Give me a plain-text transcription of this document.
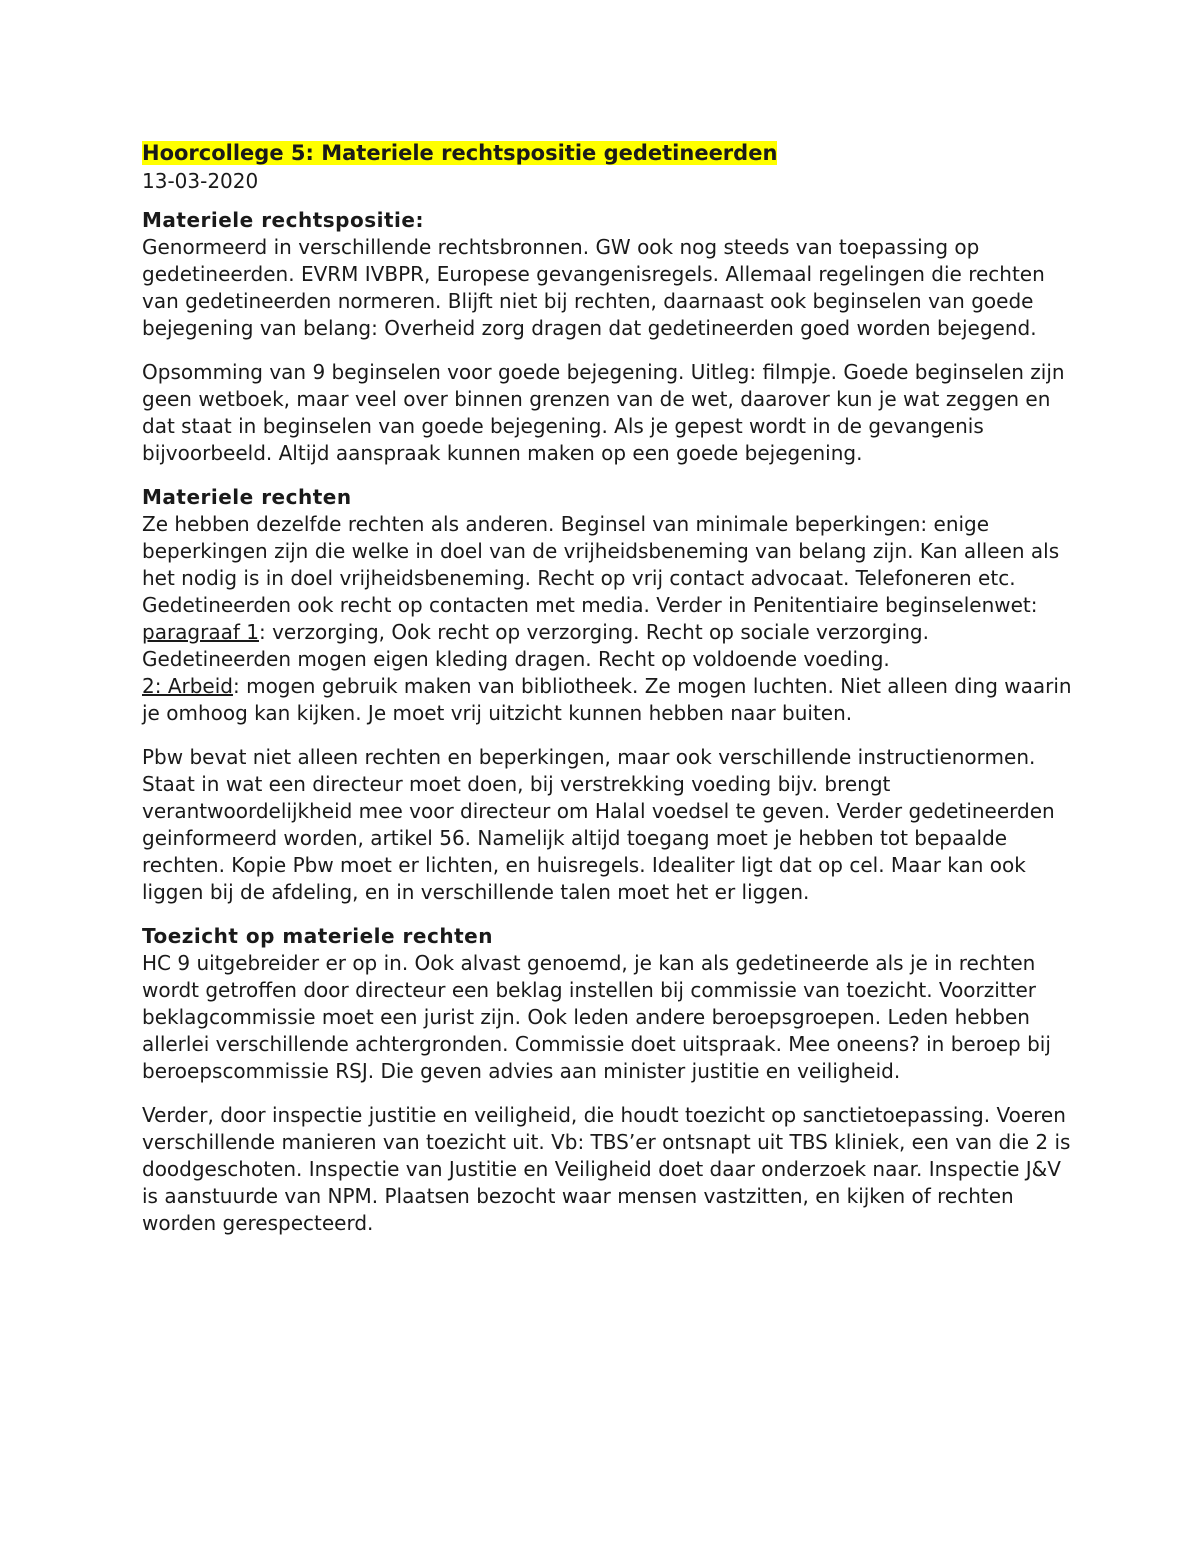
Hoorcollege 5: Materiele rechtspositie gedetineerden
13-03-2020
Materiele rechtspositie:

Genormeerd in verschillende rechtsbronnen. GW ook nog steeds van toepassing op gedetineerden. EVRM IVBPR, Europese gevangenisregels. Allemaal regelingen die rechten van gedetineerden normeren. Blijft niet bij rechten, daarnaast ook beginselen van goede bejegening van belang: Overheid zorg dragen dat gedetineerden goed worden bejegend.

Opsomming van 9 beginselen voor goede bejegening. Uitleg: filmpje. Goede beginselen zijn geen wetboek, maar veel over binnen grenzen van de wet, daarover kun je wat zeggen en dat staat in beginselen van goede bejegening. Als je gepest wordt in de gevangenis bijvoorbeeld. Altijd aanspraak kunnen maken op een goede bejegening.

Materiele rechten

Ze hebben dezelfde rechten als anderen. Beginsel van minimale beperkingen: enige beperkingen zijn die welke in doel van de vrijheidsbeneming van belang zijn. Kan alleen als het nodig is in doel vrijheidsbeneming. Recht op vrij contact advocaat. Telefoneren etc. Gedetineerden ook recht op contacten met media. Verder in Penitentiaire beginselenwet:

paragraaf 1: verzorging, Ook recht op verzorging. Recht op sociale verzorging. Gedetineerden mogen eigen kleding dragen. Recht op voldoende voeding.

2: Arbeid: mogen gebruik maken van bibliotheek. Ze mogen luchten. Niet alleen ding waarin je omhoog kan kijken. Je moet vrij uitzicht kunnen hebben naar buiten.

Pbw bevat niet alleen rechten en beperkingen, maar ook verschillende instructienormen. Staat in wat een directeur moet doen, bij verstrekking voeding bijv. brengt verantwoordelijkheid mee voor directeur om Halal voedsel te geven. Verder gedetineerden geinformeerd worden, artikel 56. Namelijk altijd toegang moet je hebben tot bepaalde rechten. Kopie Pbw moet er lichten, en huisregels. Idealiter ligt dat op cel. Maar kan ook liggen bij de afdeling, en in verschillende talen moet het er liggen.

Toezicht op materiele rechten

HC 9 uitgebreider er op in. Ook alvast genoemd, je kan als gedetineerde als je in rechten wordt getroffen door directeur een beklag instellen bij commissie van toezicht. Voorzitter beklagcommissie moet een jurist zijn. Ook leden andere beroepsgroepen. Leden hebben allerlei verschillende achtergronden. Commissie doet uitspraak. Mee oneens? in beroep bij beroepscommissie RSJ. Die geven advies aan minister justitie en veiligheid.

Verder, door inspectie justitie en veiligheid, die houdt toezicht op sanctietoepassing. Voeren verschillende manieren van toezicht uit. Vb: TBS’er ontsnapt uit TBS kliniek, een van die 2 is doodgeschoten. Inspectie van Justitie en Veiligheid doet daar onderzoek naar. Inspectie J&V is aanstuurde van NPM. Plaatsen bezocht waar mensen vastzitten, en kijken of rechten worden gerespecteerd.
